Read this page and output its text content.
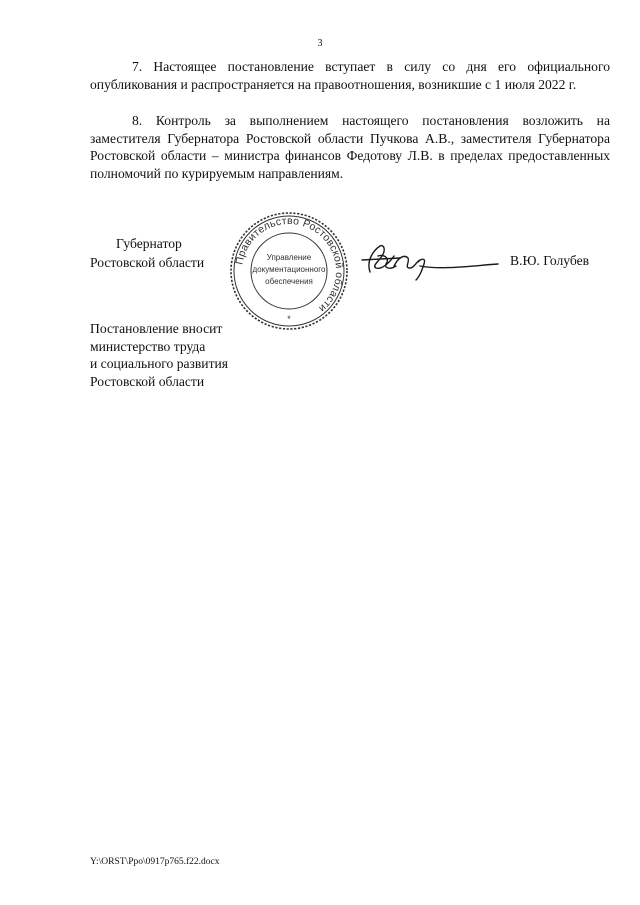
3

7. Настоящее постановление вступает в силу со дня его официального опубликования и распространяется на правоотношения, возникшие с 1 июля 2022 г.

8. Контроль за выполнением настоящего постановления возложить на заместителя Губернатора Ростовской области Пучкова А.В., заместителя Губернатора Ростовской области – министра финансов Федотову Л.В. в пределах предоставленных полномочий по курируемым направлениям.

Губернатор
Ростовской области	Правительство Ростовской области
Управление
документационного
обеспечения
*
В.Ю. Голубев
Постановление вносит
министерство труда
и социального развития
Ростовской области
Y:\ORST\Ppo\0917p765.f22.docx
